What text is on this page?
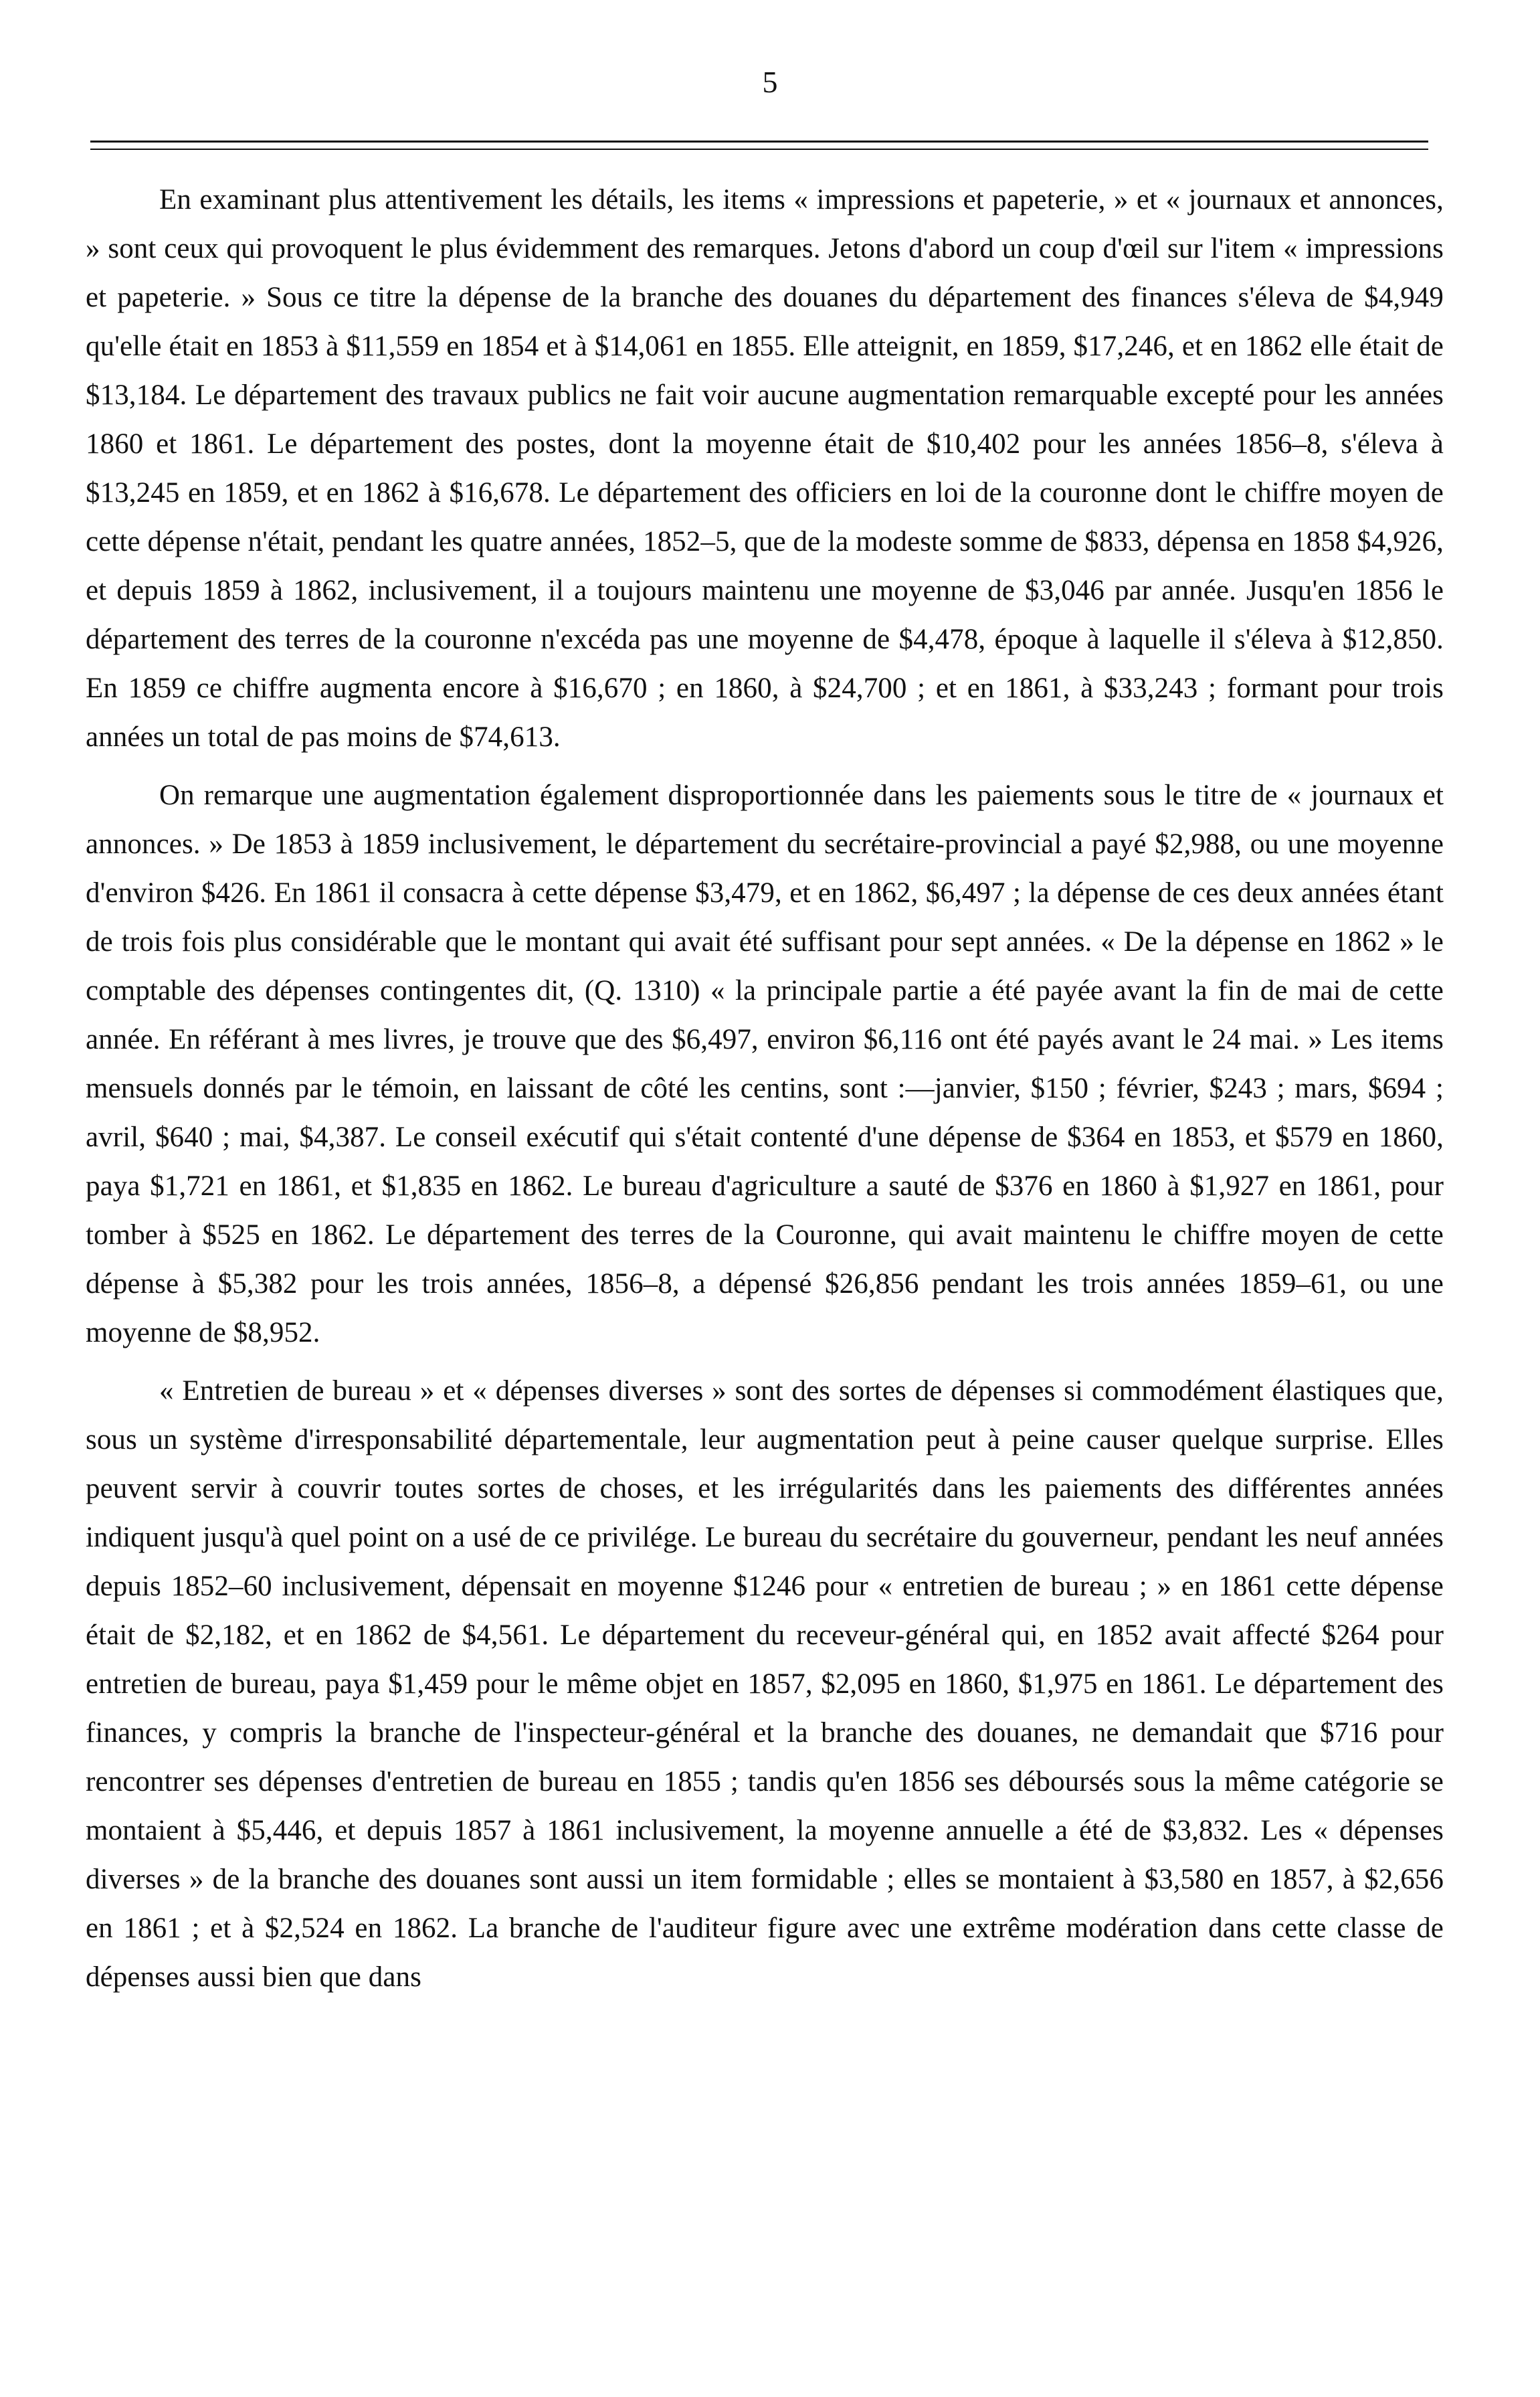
5

En examinant plus attentivement les détails, les items « impressions et papeterie, » et « journaux et annonces, » sont ceux qui provoquent le plus évidemment des remarques. Jetons d'abord un coup d'œil sur l'item « impressions et papeterie. » Sous ce titre la dépense de la branche des douanes du département des finances s'éleva de $4,949 qu'elle était en 1853 à $11,559 en 1854 et à $14,061 en 1855. Elle atteignit, en 1859, $17,246, et en 1862 elle était de $13,184. Le département des travaux publics ne fait voir aucune augmentation remarquable excepté pour les années 1860 et 1861. Le département des postes, dont la moyenne était de $10,402 pour les années 1856–8, s'éleva à $13,245 en 1859, et en 1862 à $16,678. Le département des officiers en loi de la couronne dont le chiffre moyen de cette dépense n'était, pendant les quatre années, 1852–5, que de la modeste somme de $833, dépensa en 1858 $4,926, et depuis 1859 à 1862, inclusivement, il a toujours maintenu une moyenne de $3,046 par année. Jusqu'en 1856 le département des terres de la couronne n'excéda pas une moyenne de $4,478, époque à laquelle il s'éleva à $12,850. En 1859 ce chiffre augmenta encore à $16,670 ; en 1860, à $24,700 ; et en 1861, à $33,243 ; formant pour trois années un total de pas moins de $74,613.

On remarque une augmentation également disproportionnée dans les paiements sous le titre de « journaux et annonces. » De 1853 à 1859 inclusivement, le département du secrétaire-provincial a payé $2,988, ou une moyenne d'environ $426. En 1861 il consacra à cette dépense $3,479, et en 1862, $6,497 ; la dépense de ces deux années étant de trois fois plus considérable que le montant qui avait été suffisant pour sept années. « De la dépense en 1862 » le comptable des dépenses contingentes dit, (Q. 1310) « la principale partie a été payée avant la fin de mai de cette année. En référant à mes livres, je trouve que des $6,497, environ $6,116 ont été payés avant le 24 mai. » Les items mensuels donnés par le témoin, en laissant de côté les centins, sont :—janvier, $150 ; février, $243 ; mars, $694 ; avril, $640 ; mai, $4,387. Le conseil exécutif qui s'était contenté d'une dépense de $364 en 1853, et $579 en 1860, paya $1,721 en 1861, et $1,835 en 1862. Le bureau d'agriculture a sauté de $376 en 1860 à $1,927 en 1861, pour tomber à $525 en 1862. Le département des terres de la Couronne, qui avait maintenu le chiffre moyen de cette dépense à $5,382 pour les trois années, 1856–8, a dépensé $26,856 pendant les trois années 1859–61, ou une moyenne de $8,952.

« Entretien de bureau » et « dépenses diverses » sont des sortes de dépenses si commodément élastiques que, sous un système d'irresponsabilité départementale, leur augmentation peut à peine causer quelque surprise. Elles peuvent servir à couvrir toutes sortes de choses, et les irrégularités dans les paiements des différentes années indiquent jusqu'à quel point on a usé de ce privilége. Le bureau du secrétaire du gouverneur, pendant les neuf années depuis 1852–60 inclusivement, dépensait en moyenne $1246 pour « entretien de bureau ; » en 1861 cette dépense était de $2,182, et en 1862 de $4,561. Le département du receveur-général qui, en 1852 avait affecté $264 pour entretien de bureau, paya $1,459 pour le même objet en 1857, $2,095 en 1860, $1,975 en 1861. Le département des finances, y compris la branche de l'inspecteur-général et la branche des douanes, ne demandait que $716 pour rencontrer ses dépenses d'entretien de bureau en 1855 ; tandis qu'en 1856 ses déboursés sous la même catégorie se montaient à $5,446, et depuis 1857 à 1861 inclusivement, la moyenne annuelle a été de $3,832. Les « dépenses diverses » de la branche des douanes sont aussi un item formidable ; elles se montaient à $3,580 en 1857, à $2,656 en 1861 ; et à $2,524 en 1862. La branche de l'auditeur figure avec une extrême modération dans cette classe de dépenses aussi bien que dans
